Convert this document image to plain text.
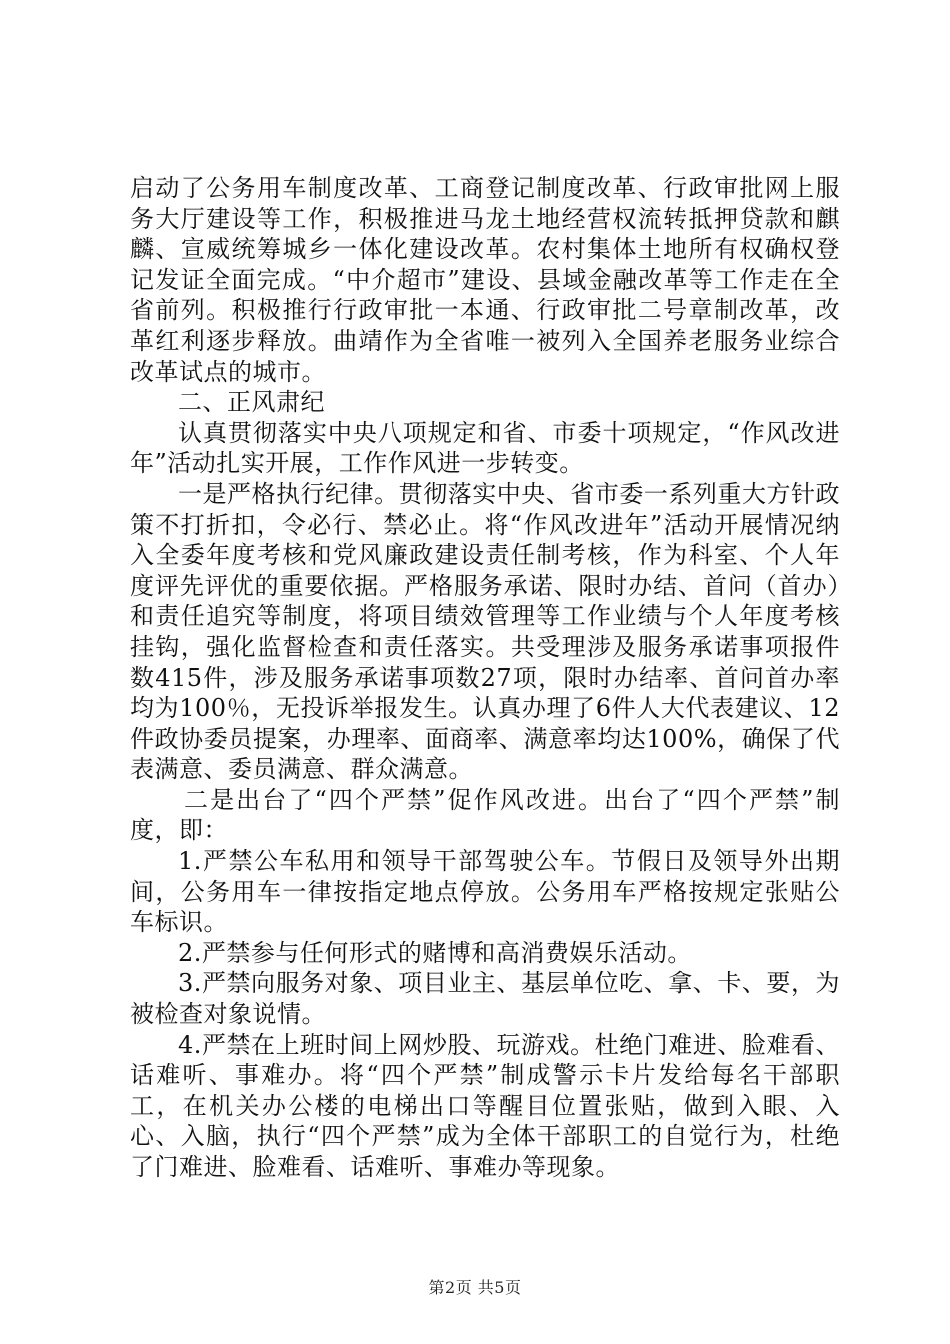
启动了公务用车制度改革、工商登记制度改革、行政审批网上服务大厅建设等工作，积极推进马龙土地经营权流转抵押贷款和麒麟、宣威统筹城乡一体化建设改革。农村集体土地所有权确权登记发证全面完成。“中介超市”建设、县域金融改革等工作走在全省前列。积极推行行政审批一本通、行政审批二号章制改革，改革红利逐步释放。曲靖作为全省唯一被列入全国养老服务业综合改革试点的城市。

二、正风肃纪

认真贯彻落实中央八项规定和省、市委十项规定，“作风改进年”活动扎实开展，工作作风进一步转变。

一是严格执行纪律。贯彻落实中央、省市委一系列重大方针政策不打折扣，令必行、禁必止。将“作风改进年”活动开展情况纳入全委年度考核和党风廉政建设责任制考核，作为科室、个人年度评先评优的重要依据。严格服务承诺、限时办结、首问（首办）和责任追究等制度，将项目绩效管理等工作业绩与个人年度考核挂钩，强化监督检查和责任落实。共受理涉及服务承诺事项报件数415件，涉及服务承诺事项数27项，限时办结率、首问首办率均为100％，无投诉举报发生。认真办理了6件人大代表建议、12件政协委员提案，办理率、面商率、满意率均达100%，确保了代表满意、委员满意、群众满意。

二是出台了“四个严禁”促作风改进。出台了“四个严禁”制度，即：

1.严禁公车私用和领导干部驾驶公车。节假日及领导外出期间，公务用车一律按指定地点停放。公务用车严格按规定张贴公车标识。

2.严禁参与任何形式的赌博和高消费娱乐活动。

3.严禁向服务对象、项目业主、基层单位吃、拿、卡、要，为被检查对象说情。

4.严禁在上班时间上网炒股、玩游戏。杜绝门难进、脸难看、话难听、事难办。将“四个严禁”制成警示卡片发给每名干部职工，在机关办公楼的电梯出口等醒目位置张贴，做到入眼、入心、入脑，执行“四个严禁”成为全体干部职工的自觉行为，杜绝了门难进、脸难看、话难听、事难办等现象。

第2页 共5页
